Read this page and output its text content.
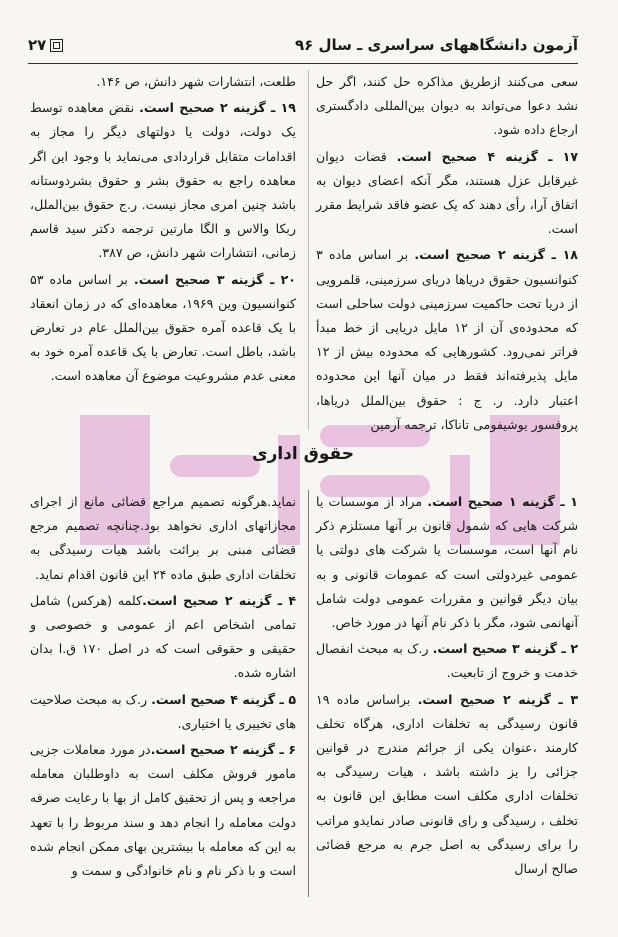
آزمون دانشگاههای سراسری ـ سال ۹۶
۲۷

سعی می‌کنند ازطریق مذاکره حل کنند، اگر حل نشد دعوا می‌تواند به دیوان بین‌المللی دادگستری ارجاع داده شود.

۱۷ ـ گزینه ۴ صحیح است. قضات دیوان غیرقابل عزل هستند، مگر آنکه اعضای دیوان به اتفاق آرا، رأی دهند که یک عضو فاقد شرایط مقرر است.

۱۸ ـ گزینه ۲ صحیح است. بر اساس ماده ۳ کنوانسیون حقوق دریاها دریای سرزمینی، قلمرویی از دریا تحت حاکمیت سرزمینی دولت ساحلی است که محدوده‌ی آن از ۱۲ مایل دریایی از خط مبدأ فراتر نمی‌رود. کشورهایی که محدوده بیش از ۱۲ مایل پذیرفته‌اند فقط در میان آنها این محدوده اعتبار دارد. ر. ج : حقوق بین‌الملل دریاها، پروفسور یوشیفومی تاناکا، ترجمه آرمین

طلعت، انتشارات شهر دانش، ص ۱۴۶.

۱۹ ـ گزینه ۲ صحیح است. نقض معاهده توسط یک دولت، دولت یا دولتهای دیگر را مجاز به اقدامات متقابل قراردادی می‌نماید با وجود این اگر معاهده راجع به حقوق بشر و حقوق بشردوستانه باشد چنین امری مجاز نیست. ر.ج حقوق بین‌الملل، ربکا والاس و الگا مارتین ترجمه دکتر سید قاسم زمانی، انتشارات شهر دانش، ص ۳۸۷.

۲۰ ـ گزینه ۳ صحیح است. بر اساس ماده ۵۳ کنوانسیون وین ۱۹۶۹، معاهده‌ای که در زمان انعقاد با یک قاعده آمره حقوق بین‌الملل عام در تعارض باشد، باطل است. تعارض با یک قاعده آمره خود به معنی عدم مشروعیت موضوع آن معاهده است.

حقوق اداری

۱ ـ گزینه ۱ صحیح است. مراد از موسسات یا شرکت هایی که شمول قانون بر آنها مستلزم ذکر نام آنها است، موسسات یا شرکت های دولتی یا عمومی غیردولتی است که عمومات قانونی و به بیان دیگر قوانین و مقررات عمومی دولت شامل آنهانمی شود، مگر با ذکر نام آنها در مورد خاص.

۲ ـ گزینه ۳ صحیح است. ر.ک به مبحث انفصال خدمت و خروج از تابعیت.

۳ ـ گزینه ۲ صحیح است. براساس ماده ۱۹ قانون رسیدگی به تخلفات اداری، هرگاه تخلف کارمند ،عنوان یکی از جرائم مندرج در قوانین جزائی را یز داشته باشد ، هیات رسیدگی به تخلفات اداری مکلف است مطابق این قانون به تخلف ، رسیدگی و رای قانونی صادر نمایدو مراتب را برای رسیدگی به اصل جرم به مرجع قضائی صالح ارسال

نماید.هرگونه تصمیم مراجع قضائی مانع از اجرای مجازاتهای اداری نخواهد بود.چنانچه تصمیم مرجع قضائی مبنی بر برائت باشد هیات رسیدگی به تخلفات اداری طبق ماده ۲۴ این قانون اقدام نماید.

۴ ـ گزینه ۲ صحیح است.کلمه (هرکس) شامل تمامی اشخاص اعم از عمومی و خصوصی و حقیقی و حقوقی است که در اصل ۱۷۰ ق.ا بدان اشاره شده.

۵ ـ گزینه ۴ صحیح است. ر.ک به مبحث صلاحیت های تخییری یا اختیاری.

۶ ـ گزینه ۲ صحیح است.در مورد معاملات جزیی مامور فروش مکلف است به داوطلبان معامله مراجعه و پس از تحقیق کامل از بها با رعایت صرفه دولت معامله را انجام دهد و سند مربوط را با تعهد به این که معامله با بیشترین بهای ممکن انجام شده است و با ذکر نام و نام خانوادگی و سمت و
